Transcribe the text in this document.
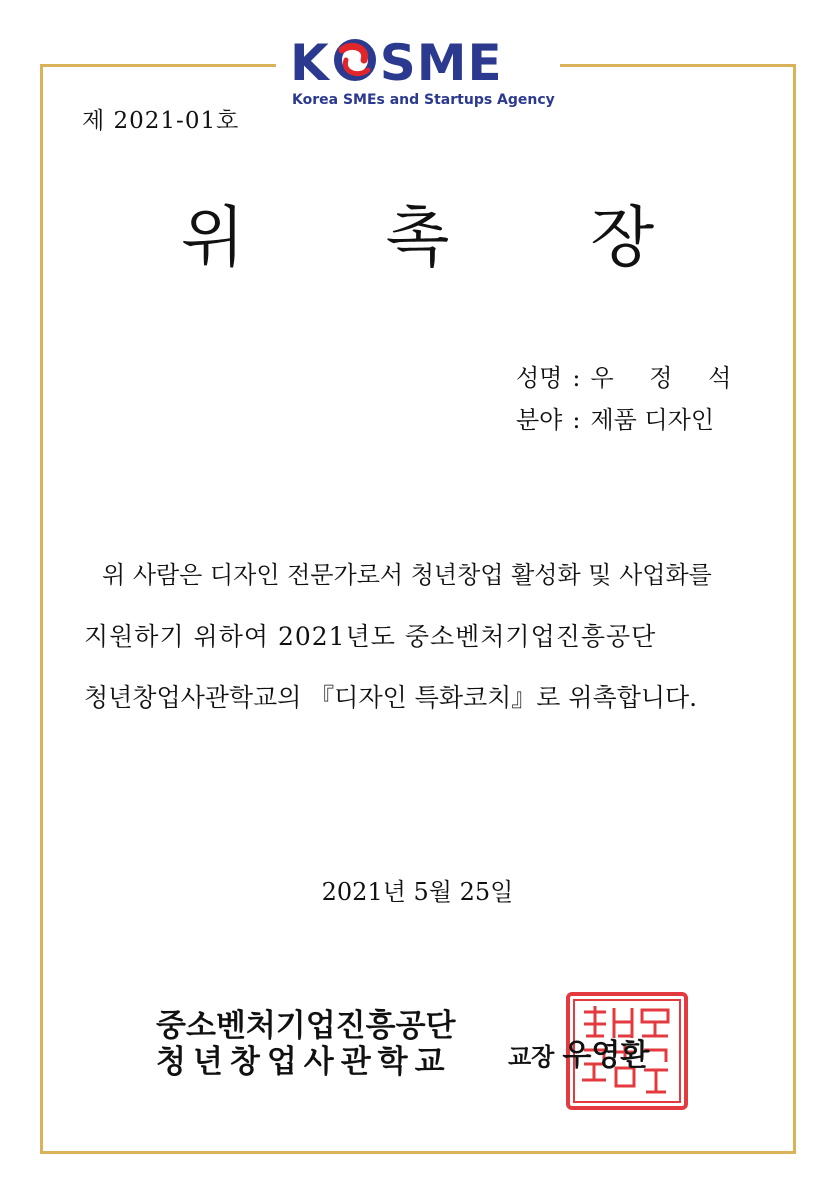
K SME
Korea SMEs and Startups Agency
제 2021-01호
위 촉 장
성명 : 우 정 석
분야 : 제품 디자인
위 사람은 디자인 전문가로서 청년창업 활성화 및 사업화를
지원하기 위하여 2021년도 중소벤처기업진흥공단
청년창업사관학교의 『디자인 특화코치』로 위촉합니다.
2021년 5월 25일
중소벤처기업진흥공단
청년창업사관학교 교장 우영환
